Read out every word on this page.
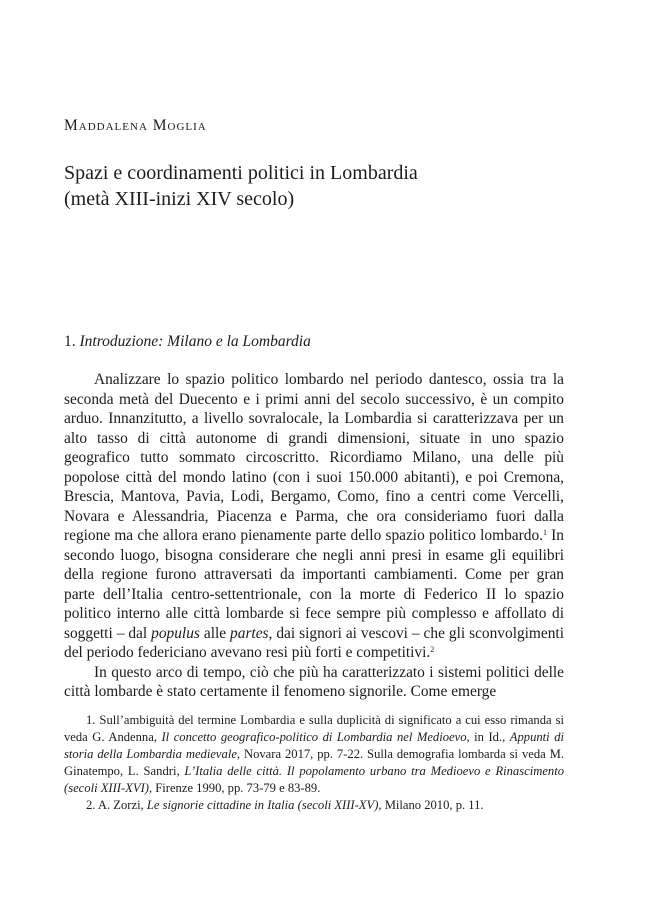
Maddalena Moglia
Spazi e coordinamenti politici in Lombardia
(metà XIII-inizi XIV secolo)
1. Introduzione: Milano e la Lombardia

Analizzare lo spazio politico lombardo nel periodo dantesco, ossia tra la seconda metà del Duecento e i primi anni del secolo successivo, è un compito arduo. Innanzitutto, a livello sovralocale, la Lombardia si caratterizzava per un alto tasso di città autonome di grandi dimensioni, situate in uno spazio geografico tutto sommato circoscritto. Ricordiamo Milano, una delle più popolose città del mondo latino (con i suoi 150.000 abitanti), e poi Cremona, Brescia, Mantova, Pavia, Lodi, Bergamo, Como, fino a centri come Vercelli, Novara e Alessandria, Piacenza e Parma, che ora consideriamo fuori dalla regione ma che allora erano pienamente parte dello spazio politico lombardo.$^1$ In secondo luogo, bisogna considerare che negli anni presi in esame gli equilibri della regione furono attraversati da importanti cambiamenti. Come per gran parte dell’Italia centro-settentrionale, con la morte di Federico II lo spazio politico interno alle città lombarde si fece sempre più complesso e affollato di soggetti – dal populus alle partes, dai signori ai vescovi – che gli sconvolgimenti del periodo federiciano avevano resi più forti e competitivi.$^2$

In questo arco di tempo, ciò che più ha caratterizzato i sistemi politici delle città lombarde è stato certamente il fenomeno signorile. Come emerge

1. Sull’ambiguità del termine Lombardia e sulla duplicità di significato a cui esso rimanda si veda G. Andenna, Il concetto geografico-politico di Lombardia nel Medioevo, in Id., Appunti di storia della Lombardia medievale, Novara 2017, pp. 7-22. Sulla demografia lombarda si veda M. Ginatempo, L. Sandri, L’Italia delle città. Il popolamento urbano tra Medioevo e Rinascimento (secoli XIII-XVI), Firenze 1990, pp. 73-79 e 83-89.

2. A. Zorzi, Le signorie cittadine in Italia (secoli XIII-XV), Milano 2010, p. 11.
